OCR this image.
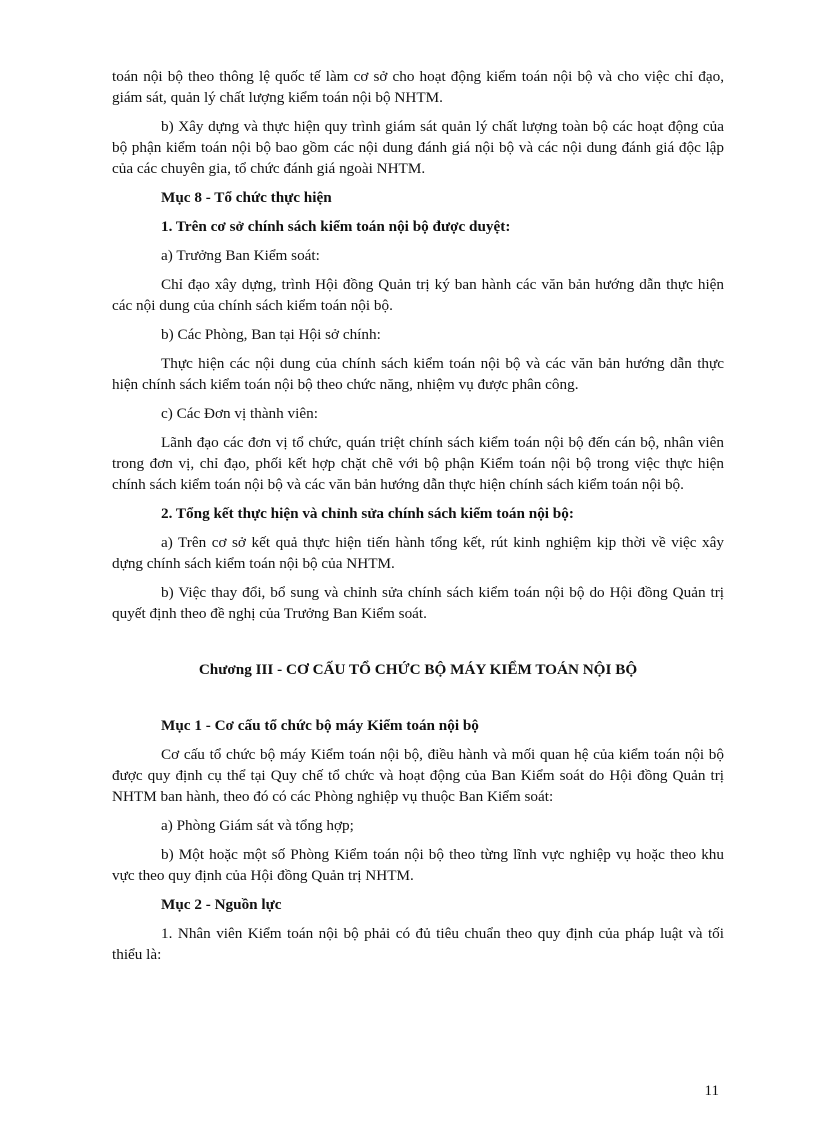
toán nội bộ theo thông lệ quốc tế làm cơ sở cho hoạt động kiểm toán nội bộ và cho việc chỉ đạo, giám sát, quản lý chất lượng kiểm toán nội bộ NHTM.

b) Xây dựng và thực hiện quy trình giám sát quản lý chất lượng toàn bộ các hoạt động của bộ phận kiểm toán nội bộ bao gồm các nội dung đánh giá nội bộ và các nội dung đánh giá độc lập của các chuyên gia, tổ chức đánh giá ngoài NHTM.

Mục 8 - Tổ chức thực hiện

1. Trên cơ sở chính sách kiểm toán nội bộ được duyệt:

a) Trưởng Ban Kiểm soát:

Chỉ đạo xây dựng, trình Hội đồng Quản trị ký ban hành các văn bản hướng dẫn thực hiện các nội dung của chính sách kiểm toán nội bộ.

b) Các Phòng, Ban tại Hội sở chính:

Thực hiện các nội dung của chính sách kiểm toán nội bộ và các văn bản hướng dẫn thực hiện chính sách kiểm toán nội bộ theo chức năng, nhiệm vụ được phân công.

c) Các Đơn vị thành viên:

Lãnh đạo các đơn vị tổ chức, quán triệt chính sách kiểm toán nội bộ đến cán bộ, nhân viên trong đơn vị, chỉ đạo, phối kết hợp chặt chẽ với bộ phận Kiểm toán nội bộ trong việc thực hiện chính sách kiểm toán nội bộ và các văn bản hướng dẫn thực hiện chính sách kiểm toán nội bộ.

2. Tổng kết thực hiện và chỉnh sửa chính sách kiểm toán nội bộ:

a) Trên cơ sở kết quả thực hiện tiến hành tổng kết, rút kinh nghiệm kịp thời về việc xây dựng chính sách kiểm toán nội bộ của NHTM.

b) Việc thay đổi, bổ sung và chỉnh sửa chính sách kiểm toán nội bộ do Hội đồng Quản trị quyết định theo đề nghị của Trưởng Ban Kiểm soát.

Chương III - CƠ CẤU TỔ CHỨC BỘ MÁY KIỂM TOÁN NỘI BỘ

Mục 1 - Cơ cấu tổ chức bộ máy Kiểm toán nội bộ

Cơ cấu tổ chức bộ máy Kiểm toán nội bộ, điều hành và mối quan hệ của kiểm toán nội bộ được quy định cụ thể tại Quy chế tổ chức và hoạt động của Ban Kiểm soát do Hội đồng Quản trị NHTM ban hành, theo đó có các Phòng nghiệp vụ thuộc Ban Kiểm soát:

a) Phòng Giám sát và tổng hợp;

b) Một hoặc một số Phòng Kiểm toán nội bộ theo từng lĩnh vực nghiệp vụ hoặc theo khu vực theo quy định của Hội đồng Quản trị NHTM.

Mục 2 - Nguồn lực

1. Nhân viên Kiểm toán nội bộ phải có đủ tiêu chuẩn theo quy định của pháp luật và tối thiểu là:

11
